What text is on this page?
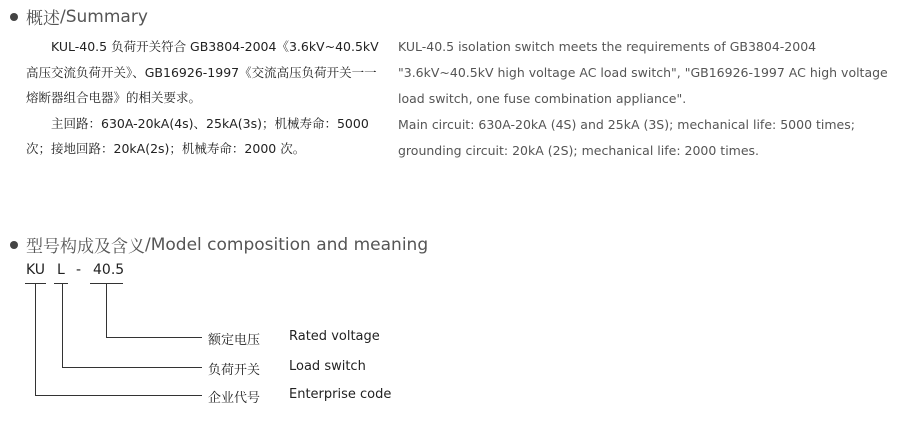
概述 /Summary

KUL-40.5 负荷开关符合 GB3804-2004《3.6kV~40.5kV高压交流负荷开关》、GB16926-1997《交流高压负荷开关一一熔断器组合电器》的相关要求。

主回路：630A-20kA(4s)、25kA(3s)；机械寿命：5000 次；接地回路：20kA(2s)；机械寿命：2000 次。

KUL-40.5 isolation switch meets the requirements of GB3804-2004 "3.6kV~40.5kV high voltage AC load switch", "GB16926-1997 AC high voltage load switch, one fuse combination appliance".

Main circuit: 630A-20kA (4S) and 25kA (3S); mechanical life: 5000 times; grounding circuit: 20kA (2S); mechanical life: 2000 times.

型号构成及含义 /Model composition and meaning
KU L - 40.5
额定电压 Rated voltage
负荷开关 Load switch
企业代号 Enterprise code
